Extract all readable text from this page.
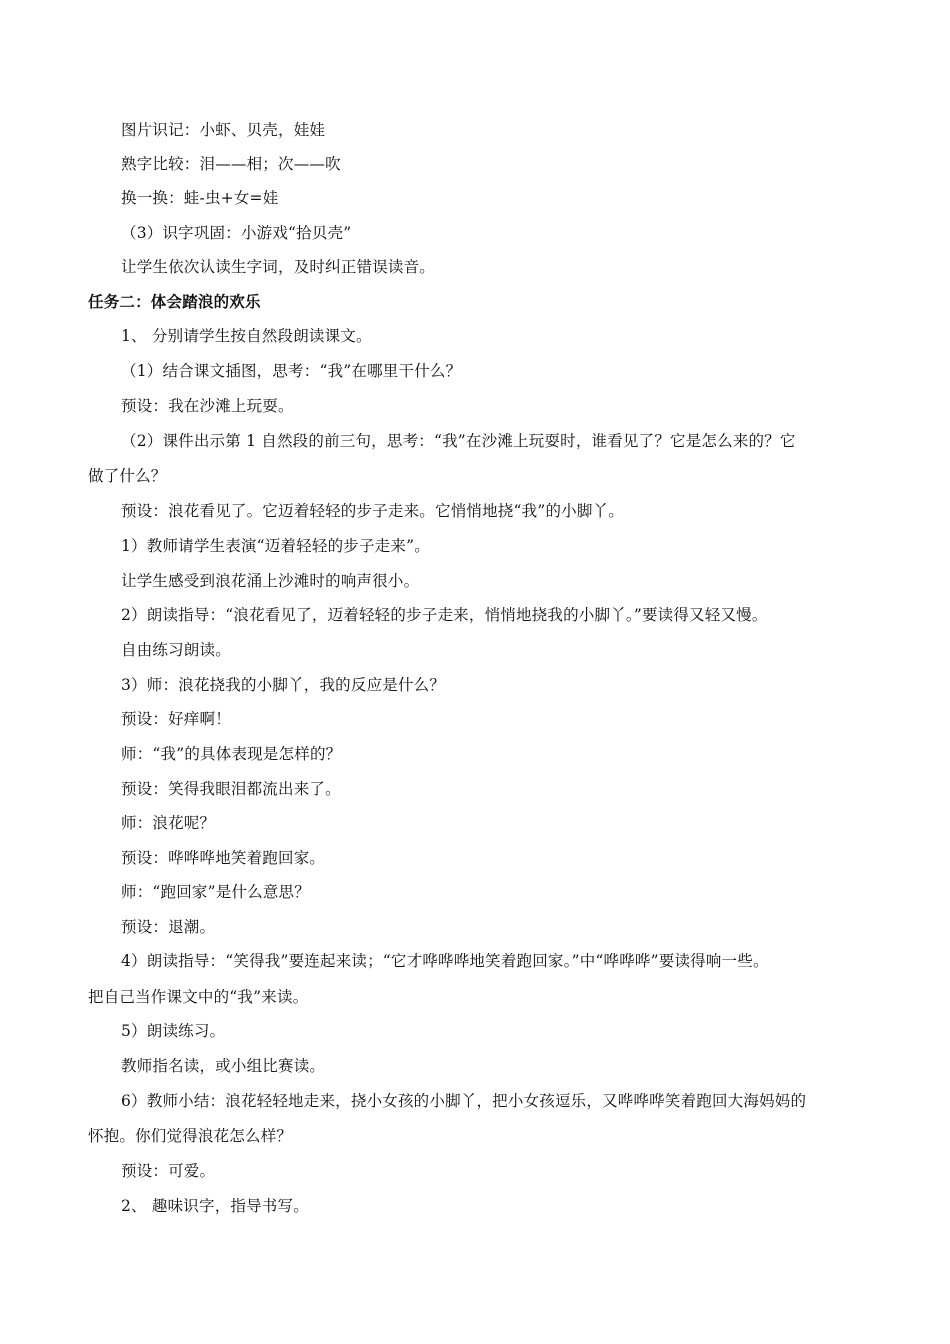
图片识记：小虾、贝壳，娃娃
熟字比较：泪——相；次——吹
换一换：蛙-虫+女=娃
（3）识字巩固：小游戏“拾贝壳”
让学生依次认读生字词，及时纠正错误读音。
任务二：体会踏浪的欢乐
1、 分别请学生按自然段朗读课文。
（1）结合课文插图，思考：“我”在哪里干什么？
预设：我在沙滩上玩耍。
（2）课件出示第 1 自然段的前三句，思考：“我”在沙滩上玩耍时，谁看见了？它是怎么来的？它
做了什么？
预设：浪花看见了。它迈着轻轻的步子走来。它悄悄地挠“我”的小脚丫。
1）教师请学生表演“迈着轻轻的步子走来”。
让学生感受到浪花涌上沙滩时的响声很小。
2）朗读指导：“浪花看见了，迈着轻轻的步子走来，悄悄地挠我的小脚丫。”要读得又轻又慢。
自由练习朗读。
3）师：浪花挠我的小脚丫，我的反应是什么？
预设：好痒啊！
师：“我”的具体表现是怎样的？
预设：笑得我眼泪都流出来了。
师：浪花呢？
预设：哗哗哗地笑着跑回家。
师：“跑回家”是什么意思？
预设：退潮。
4）朗读指导：“笑得我”要连起来读；“它才哗哗哗地笑着跑回家。”中“哗哗哗”要读得响一些。
把自己当作课文中的“我”来读。
5）朗读练习。
教师指名读，或小组比赛读。
6）教师小结：浪花轻轻地走来，挠小女孩的小脚丫，把小女孩逗乐，又哗哗哗笑着跑回大海妈妈的
怀抱。你们觉得浪花怎么样？
预设：可爱。
2、 趣味识字，指导书写。
